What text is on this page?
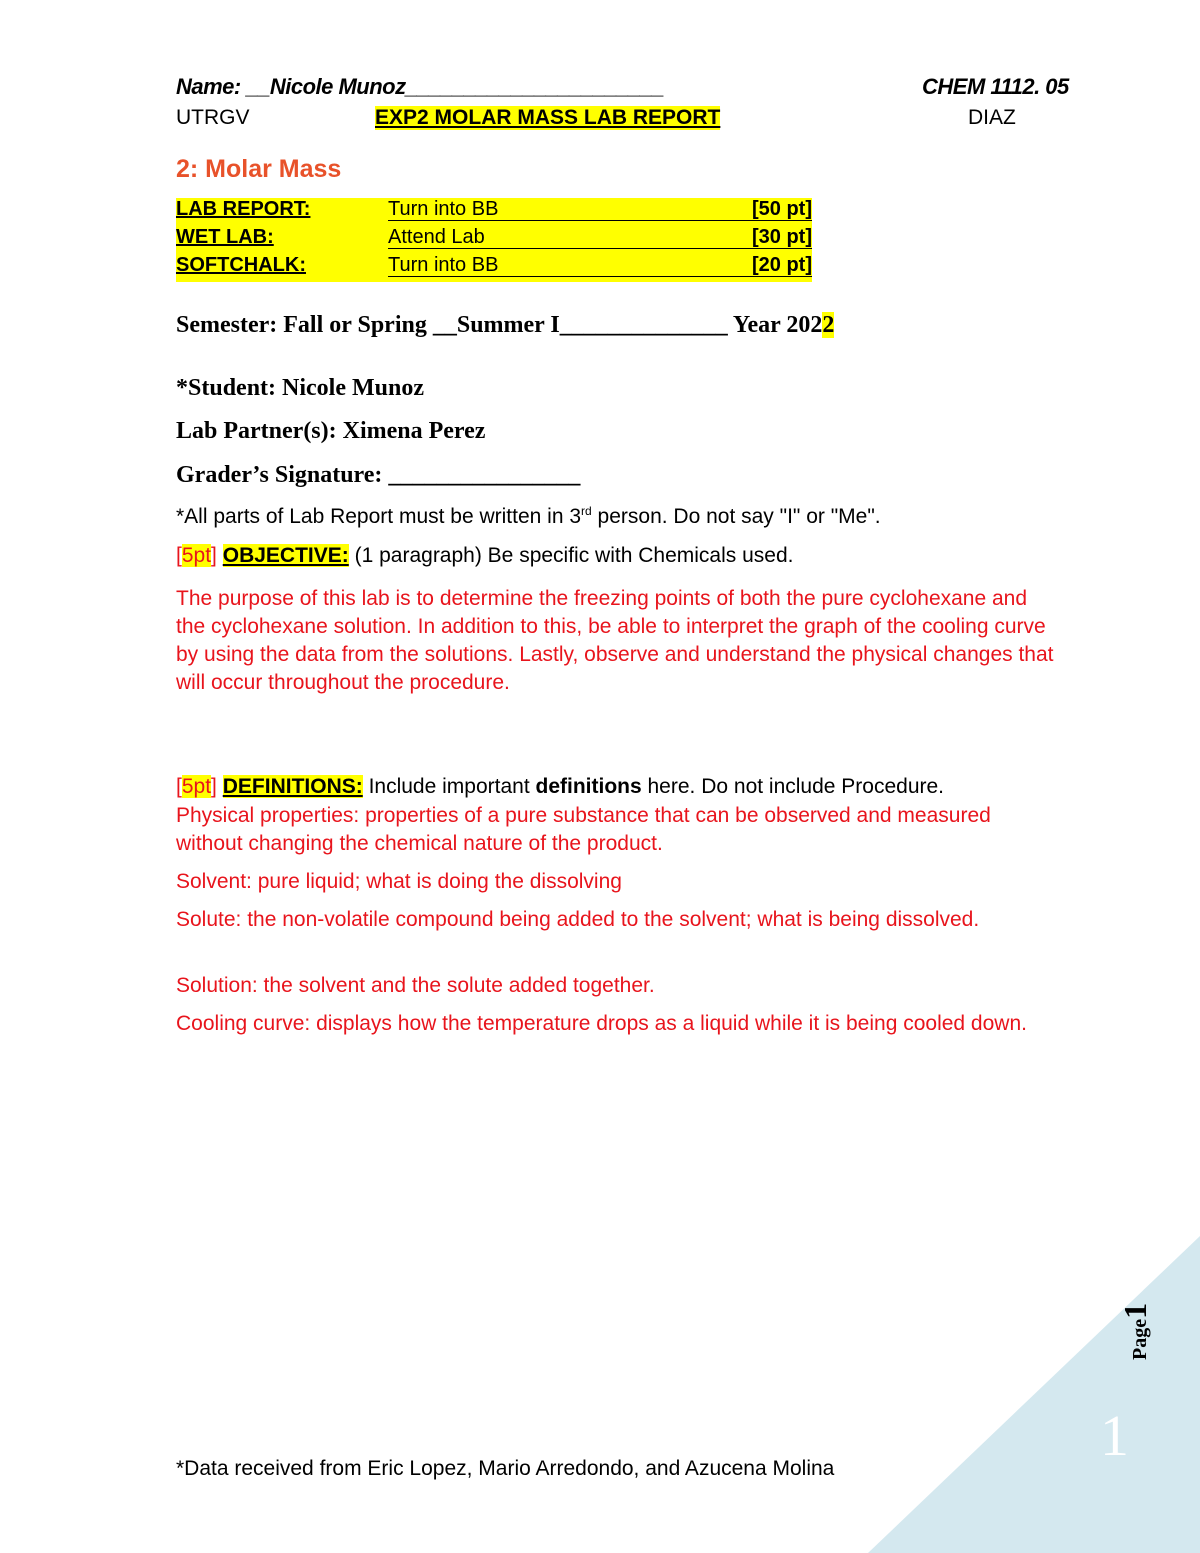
Name: __Nicole Munoz______________________	CHEM 1112. 05
UTRGV	EXP2 MOLAR MASS LAB REPORT	DIAZ
2: Molar Mass
LAB REPORT:	Turn into BB	[50 pt]
WET LAB:	Attend Lab	[30 pt]
SOFTCHALK:	Turn into BB	[20 pt]
Semester: Fall or Spring __Summer I______________ Year 2022
*Student: Nicole Munoz
Lab Partner(s): Ximena Perez
Grader’s Signature: ________________
*All parts of Lab Report must be written in 3rd person. Do not say "I" or "Me".
[5pt] OBJECTIVE: (1 paragraph) Be specific with Chemicals used.
The purpose of this lab is to determine the freezing points of both the pure cyclohexane and the cyclohexane solution. In addition to this, be able to interpret the graph of the cooling curve by using the data from the solutions. Lastly, observe and understand the physical changes that will occur throughout the procedure.
[5pt] DEFINITIONS: Include important definitions here. Do not include Procedure.
Physical properties: properties of a pure substance that can be observed and measured without changing the chemical nature of the product.
Solvent: pure liquid; what is doing the dissolving
Solute: the non-volatile compound being added to the solvent; what is being dissolved.
Solution: the solvent and the solute added together.
Cooling curve: displays how the temperature drops as a liquid while it is being cooled down.
*Data received from Eric Lopez, Mario Arredondo, and Azucena Molina
Page1
1
